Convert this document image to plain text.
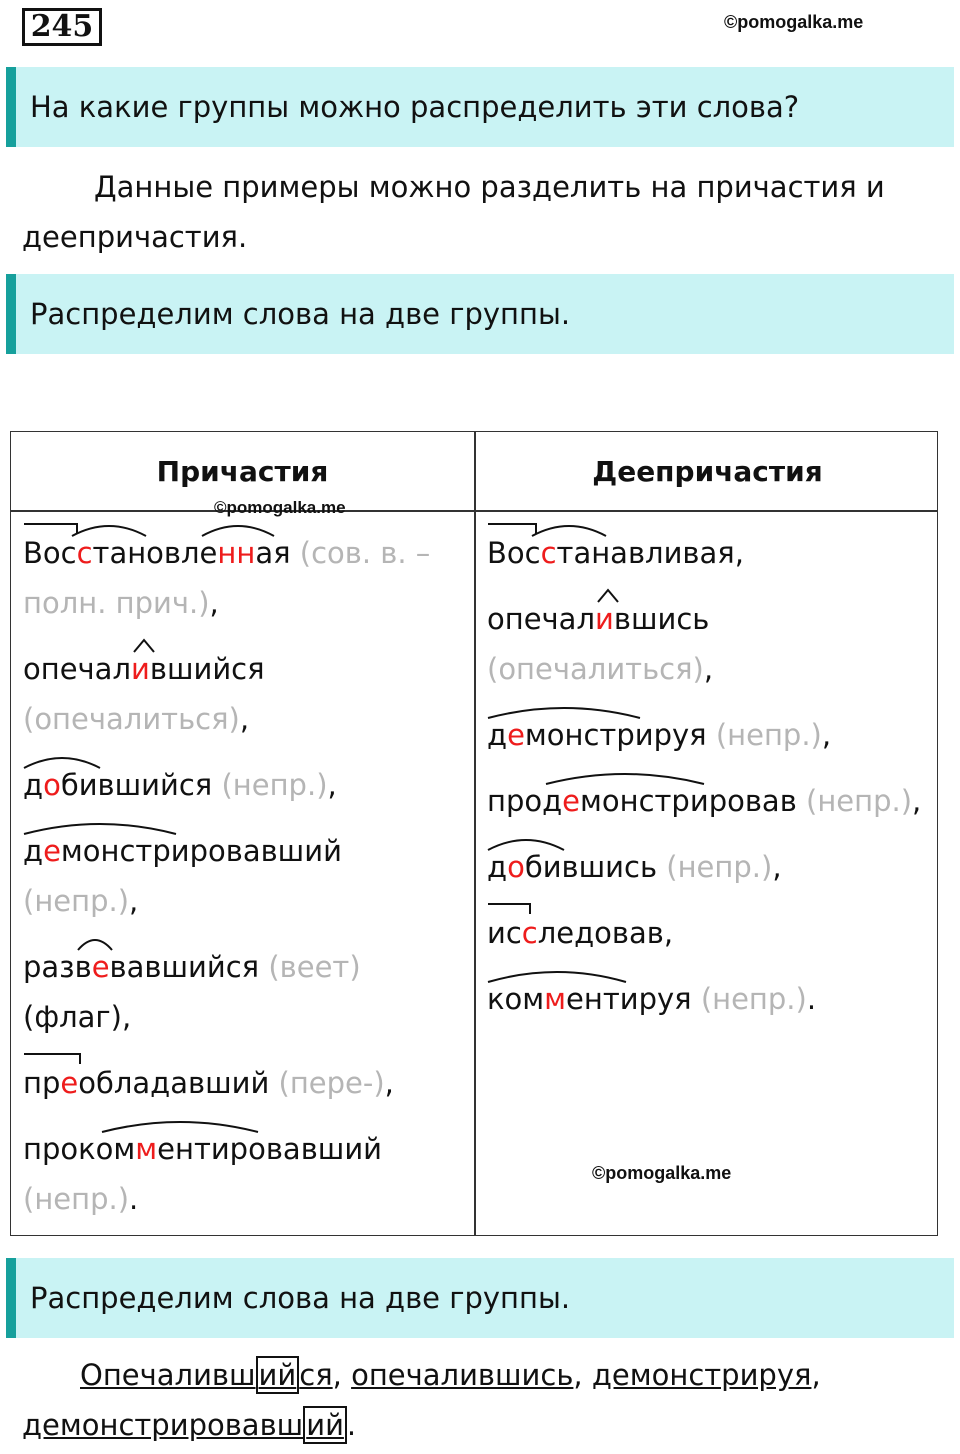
245	©pomogalka.me
На какие группы можно распределить эти слова?
Данные примеры можно разделить на причастия и деепричастия.
Распределим слова на две группы.
Причастия	Деепричастия
Восстановленная (сов. в. – полн. прич.),
опечалившийся (опечалиться),
добившийся (непр.),
демонстрировавший (непр.),
развевавшийся (веет) (флаг),
преобладавший (пере-),
прокомментировавший (непр.).
Восстанавливая,
опечалившись (опечалиться),
демонстрируя (непр.),
продемонстрировав (непр.),
добившись (непр.),
исследовав,
комментируя (непр.).
©pomogalka.me
©pomogalka.me
Распределим слова на две группы.
Опечаливш ий ся, опечалившись, демонстрируя,
демонстрировавш ий .
